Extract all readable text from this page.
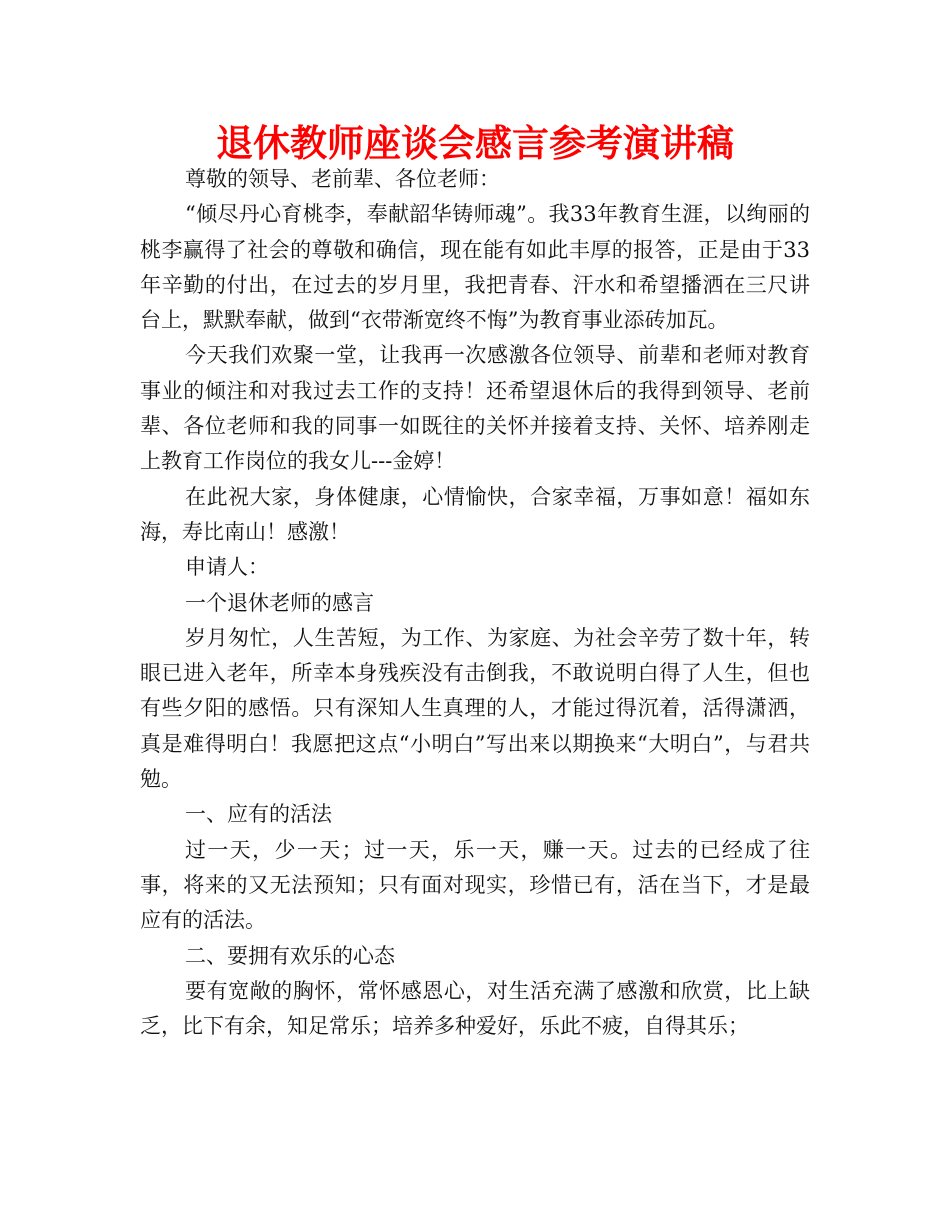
退休教师座谈会感言参考演讲稿

尊敬的领导、老前辈、各位老师：

“倾尽丹心育桃李，奉献韶华铸师魂”。我33年教育生涯，以绚丽的桃李赢得了社会的尊敬和确信，现在能有如此丰厚的报答，正是由于33年辛勤的付出，在过去的岁月里，我把青春、汗水和希望播洒在三尺讲台上，默默奉献，做到“衣带渐宽终不悔”为教育事业添砖加瓦。

今天我们欢聚一堂，让我再一次感激各位领导、前辈和老师对教育事业的倾注和对我过去工作的支持！还希望退休后的我得到领导、老前辈、各位老师和我的同事一如既往的关怀并接着支持、关怀、培养刚走上教育工作岗位的我女儿---金婷！

在此祝大家，身体健康，心情愉快，合家幸福，万事如意！福如东海，寿比南山！感激！

申请人：

一个退休老师的感言

岁月匆忙，人生苦短，为工作、为家庭、为社会辛劳了数十年，转眼已进入老年，所幸本身残疾没有击倒我，不敢说明白得了人生，但也有些夕阳的感悟。只有深知人生真理的人，才能过得沉着，活得潇洒，真是难得明白！我愿把这点“小明白”写出来以期换来“大明白”，与君共勉。

一、应有的活法

过一天，少一天；过一天，乐一天，赚一天。过去的已经成了往事，将来的又无法预知；只有面对现实，珍惜已有，活在当下，才是最应有的活法。

二、要拥有欢乐的心态

要有宽敞的胸怀，常怀感恩心，对生活充满了感激和欣赏，比上缺乏，比下有余，知足常乐；培养多种爱好，乐此不疲，自得其乐；
